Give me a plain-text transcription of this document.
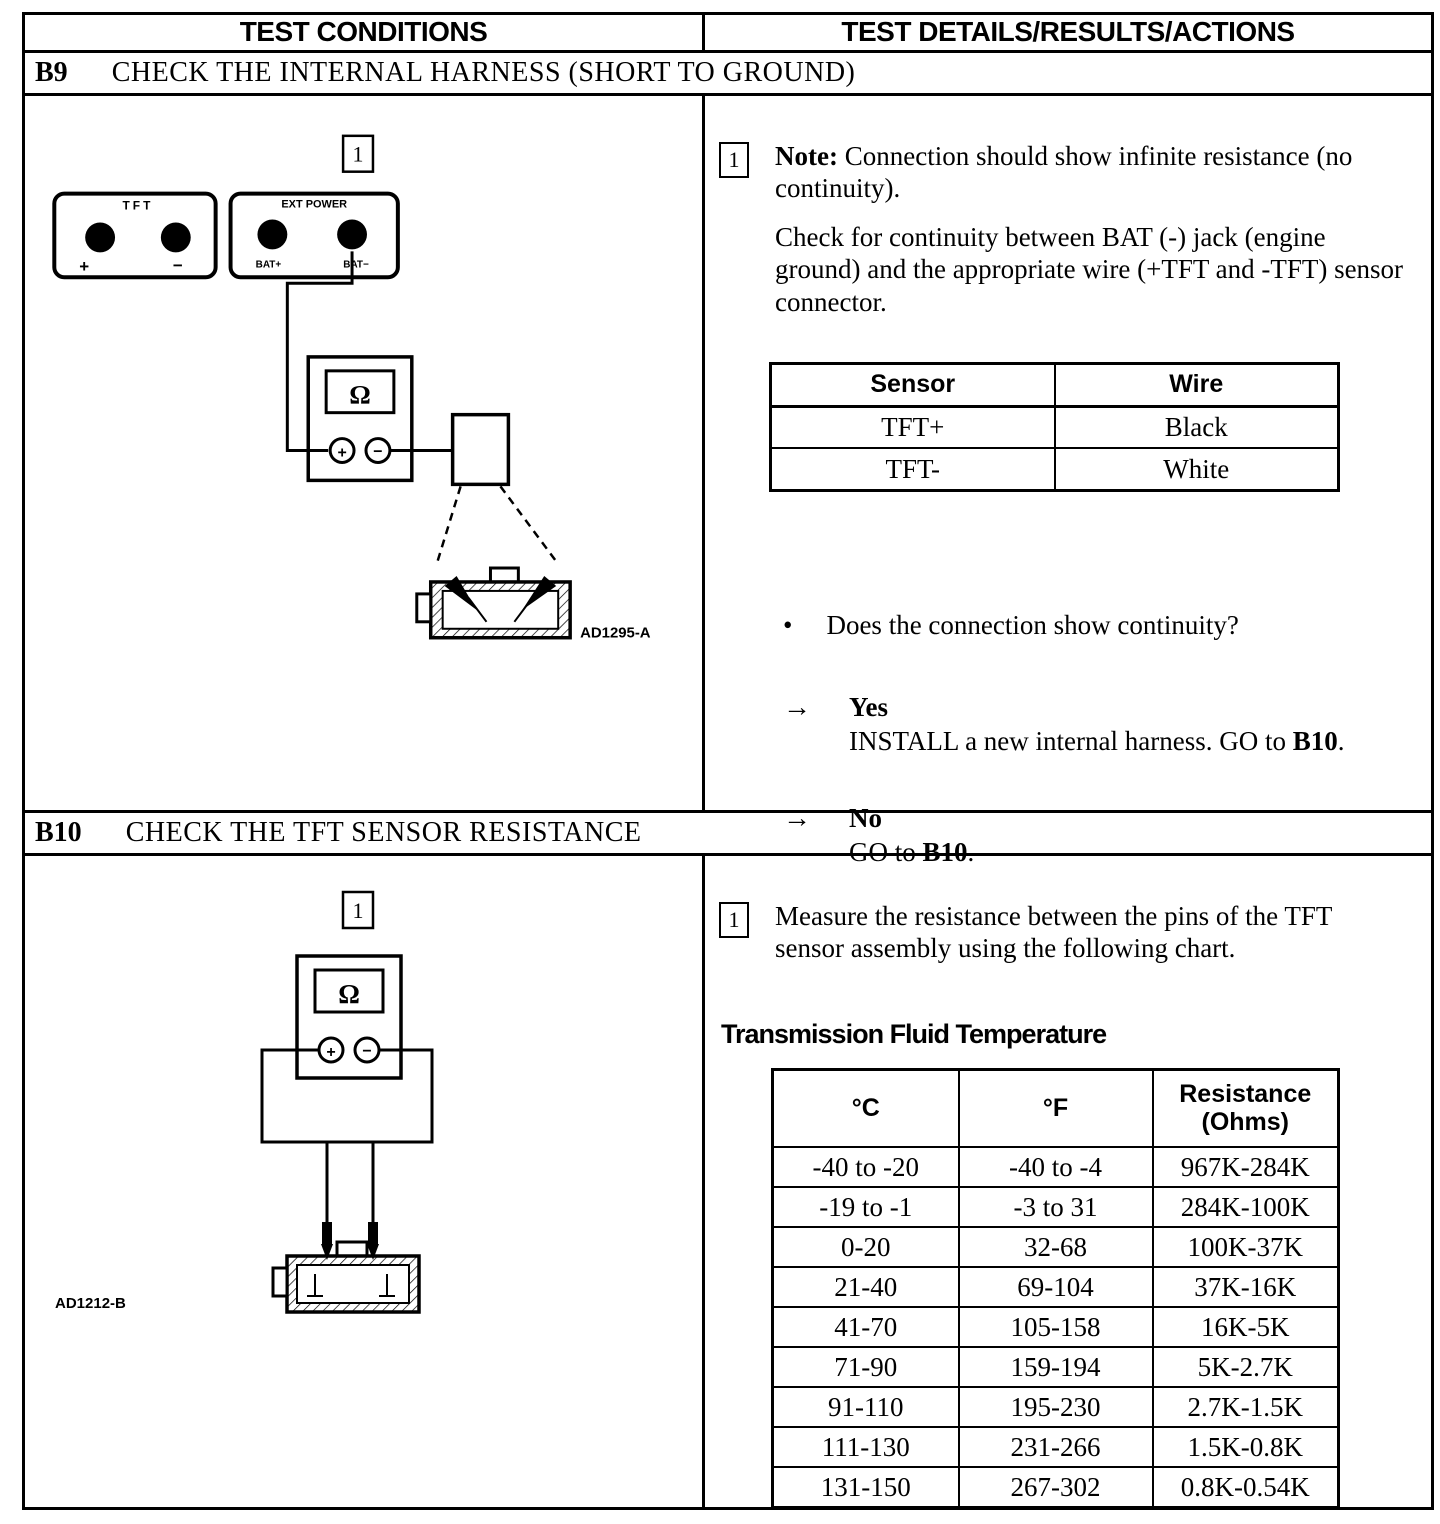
TEST CONDITIONS	TEST DETAILS/RESULTS/ACTIONS
B9 CHECK THE INTERNAL HARNESS (SHORT TO GROUND)
1
TFT
+	−
EXT POWER
BAT+	BAT−
Ω
+ −
AD1295-A
1	Note: Connection should show infinite resistance (no continuity).
Check for continuity between BAT (-) jack (engine ground) and the appropriate wire (+TFT and -TFT) sensor connector.
Sensor	Wire
TFT+	Black
TFT-	White
• Does the connection show continuity?
→ Yes
INSTALL a new internal harness. GO to B10.
→ No
GO to B10.
B10 CHECK THE TFT SENSOR RESISTANCE
1
Ω
+ −
AD1212-B
1	Measure the resistance between the pins of the TFT sensor assembly using the following chart.
Transmission Fluid Temperature
°C	°F	Resistance
(Ohms)

-40 to -20	-40 to -4	967K-284K
-19 to -1	-3 to 31	284K-100K
0-20	32-68	100K-37K
21-40	69-104	37K-16K
41-70	105-158	16K-5K
71-90	159-194	5K-2.7K
91-110	195-230	2.7K-1.5K
111-130	231-266	1.5K-0.8K
131-150	267-302	0.8K-0.54K
